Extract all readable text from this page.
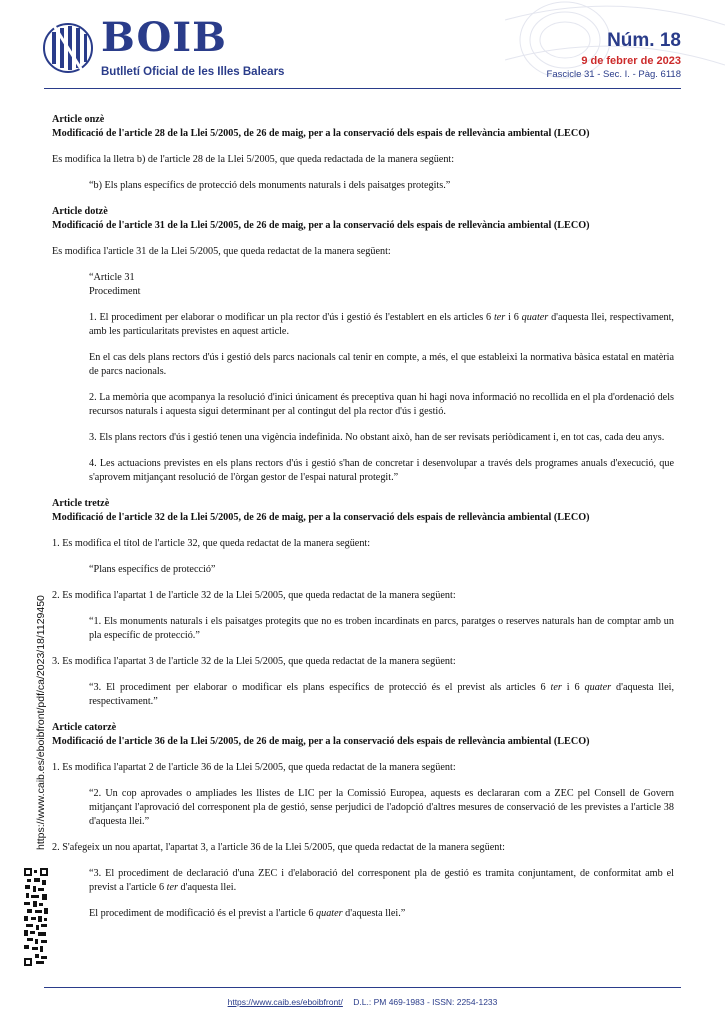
BOIB
Butlletí Oficial de les Illes Balears
Núm. 18
9 de febrer de 2023
Fascicle 31 - Sec. I. - Pàg. 6118
Article onzè
Modificació de l'article 28 de la Llei 5/2005, de 26 de maig, per a la conservació dels espais de rellevància ambiental (LECO)

Es modifica la lletra b) de l'article 28 de la Llei 5/2005, que queda redactada de la manera següent:

“b) Els plans específics de protecció dels monuments naturals i dels paisatges protegits.”

Article dotzè
Modificació de l'article 31 de la Llei 5/2005, de 26 de maig, per a la conservació dels espais de rellevància ambiental (LECO)

Es modifica l'article 31 de la Llei 5/2005, que queda redactat de la manera següent:

“Article 31

Procediment

1. El procediment per elaborar o modificar un pla rector d'ús i gestió és l'establert en els articles 6 ter i 6 quater d'aquesta llei, respectivament, amb les particularitats previstes en aquest article.

En el cas dels plans rectors d'ús i gestió dels parcs nacionals cal tenir en compte, a més, el que estableixi la normativa bàsica estatal en matèria de parcs nacionals.

2. La memòria que acompanya la resolució d'inici únicament és preceptiva quan hi hagi nova informació no recollida en el pla d'ordenació dels recursos naturals i aquesta sigui determinant per al contingut del pla rector d'ús i gestió.

3. Els plans rectors d'ús i gestió tenen una vigència indefinida. No obstant això, han de ser revisats periòdicament i, en tot cas, cada deu anys.

4. Les actuacions previstes en els plans rectors d'ús i gestió s'han de concretar i desenvolupar a través dels programes anuals d'execució, que s'aprovem mitjançant resolució de l'òrgan gestor de l'espai natural protegit.”

Article tretzè
Modificació de l'article 32 de la Llei 5/2005, de 26 de maig, per a la conservació dels espais de rellevància ambiental (LECO)

1. Es modifica el títol de l'article 32, que queda redactat de la manera següent:

“Plans específics de protecció”

2. Es modifica l'apartat 1 de l'article 32 de la Llei 5/2005, que queda redactat de la manera següent:

“1. Els monuments naturals i els paisatges protegits que no es troben incardinats en parcs, paratges o reserves naturals han de comptar amb un pla específic de protecció.”

3. Es modifica l'apartat 3 de l'article 32 de la Llei 5/2005, que queda redactat de la manera següent:

“3. El procediment per elaborar o modificar els plans específics de protecció és el previst als articles 6 ter i 6 quater d'aquesta llei, respectivament.”

Article catorzè
Modificació de l'article 36 de la Llei 5/2005, de 26 de maig, per a la conservació dels espais de rellevància ambiental (LECO)

1. Es modifica l'apartat 2 de l'article 36 de la Llei 5/2005, que queda redactat de la manera següent:

“2. Un cop aprovades o ampliades les llistes de LIC per la Comissió Europea, aquests es declararan com a ZEC pel Consell de Govern mitjançant l'aprovació del corresponent pla de gestió, sense perjudici de l'adopció d'altres mesures de conservació de les previstes a l'article 38 d'aquesta llei.”

2. S'afegeix un nou apartat, l'apartat 3, a l'article 36 de la Llei 5/2005, que queda redactat de la manera següent:

“3. El procediment de declaració d'una ZEC i d'elaboració del corresponent pla de gestió es tramita conjuntament, de conformitat amb el previst a l'article 6 ter d'aquesta llei.

El procediment de modificació és el previst a l'article 6 quater d'aquesta llei.”

https://www.caib.es/eboibfront/pdf/ca/2023/18/1129450
https://www.caib.es/eboibfront/ D.L.: PM 469-1983 - ISSN: 2254-1233
